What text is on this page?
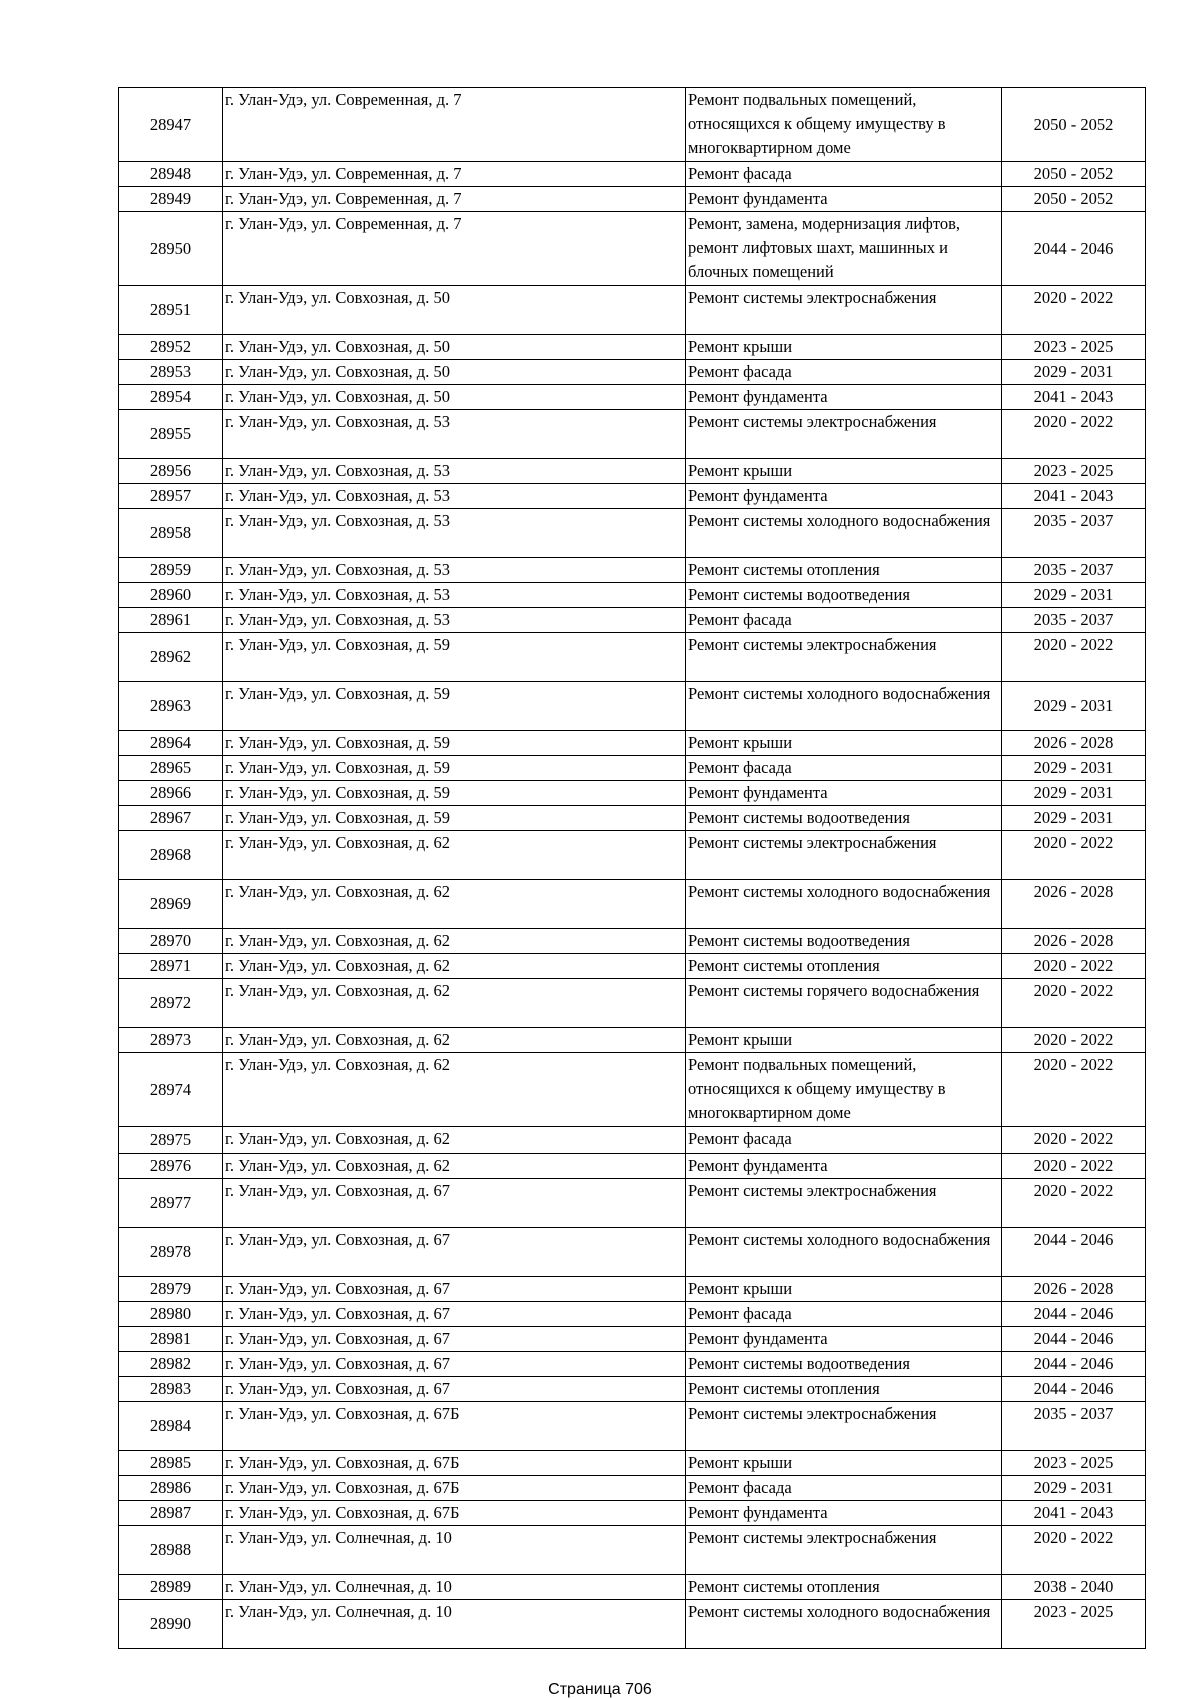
28947	г. Улан-Удэ, ул. Современная, д. 7	Ремонт подвальных помещений, относящихся к общему имуществу в многоквартирном доме	2050 - 2052
28948	г. Улан-Удэ, ул. Современная, д. 7	Ремонт фасада	2050 - 2052
28949	г. Улан-Удэ, ул. Современная, д. 7	Ремонт фундамента	2050 - 2052
28950	г. Улан-Удэ, ул. Современная, д. 7	Ремонт, замена, модернизация лифтов, ремонт лифтовых шахт, машинных и блочных помещений	2044 - 2046
28951	г. Улан-Удэ, ул. Совхозная, д. 50	Ремонт системы электроснабжения	2020 - 2022
28952	г. Улан-Удэ, ул. Совхозная, д. 50	Ремонт крыши	2023 - 2025
28953	г. Улан-Удэ, ул. Совхозная, д. 50	Ремонт фасада	2029 - 2031
28954	г. Улан-Удэ, ул. Совхозная, д. 50	Ремонт фундамента	2041 - 2043
28955	г. Улан-Удэ, ул. Совхозная, д. 53	Ремонт системы электроснабжения	2020 - 2022
28956	г. Улан-Удэ, ул. Совхозная, д. 53	Ремонт крыши	2023 - 2025
28957	г. Улан-Удэ, ул. Совхозная, д. 53	Ремонт фундамента	2041 - 2043
28958	г. Улан-Удэ, ул. Совхозная, д. 53	Ремонт системы холодного водоснабжения	2035 - 2037
28959	г. Улан-Удэ, ул. Совхозная, д. 53	Ремонт системы отопления	2035 - 2037
28960	г. Улан-Удэ, ул. Совхозная, д. 53	Ремонт системы водоотведения	2029 - 2031
28961	г. Улан-Удэ, ул. Совхозная, д. 53	Ремонт фасада	2035 - 2037
28962	г. Улан-Удэ, ул. Совхозная, д. 59	Ремонт системы электроснабжения	2020 - 2022
28963	г. Улан-Удэ, ул. Совхозная, д. 59	Ремонт системы холодного водоснабжения	2029 - 2031
28964	г. Улан-Удэ, ул. Совхозная, д. 59	Ремонт крыши	2026 - 2028
28965	г. Улан-Удэ, ул. Совхозная, д. 59	Ремонт фасада	2029 - 2031
28966	г. Улан-Удэ, ул. Совхозная, д. 59	Ремонт фундамента	2029 - 2031
28967	г. Улан-Удэ, ул. Совхозная, д. 59	Ремонт системы водоотведения	2029 - 2031
28968	г. Улан-Удэ, ул. Совхозная, д. 62	Ремонт системы электроснабжения	2020 - 2022
28969	г. Улан-Удэ, ул. Совхозная, д. 62	Ремонт системы холодного водоснабжения	2026 - 2028
28970	г. Улан-Удэ, ул. Совхозная, д. 62	Ремонт системы водоотведения	2026 - 2028
28971	г. Улан-Удэ, ул. Совхозная, д. 62	Ремонт системы отопления	2020 - 2022
28972	г. Улан-Удэ, ул. Совхозная, д. 62	Ремонт системы горячего водоснабжения	2020 - 2022
28973	г. Улан-Удэ, ул. Совхозная, д. 62	Ремонт крыши	2020 - 2022
28974	г. Улан-Удэ, ул. Совхозная, д. 62	Ремонт подвальных помещений, относящихся к общему имуществу в многоквартирном доме	2020 - 2022
28975	г. Улан-Удэ, ул. Совхозная, д. 62	Ремонт фасада	2020 - 2022
28976	г. Улан-Удэ, ул. Совхозная, д. 62	Ремонт фундамента	2020 - 2022
28977	г. Улан-Удэ, ул. Совхозная, д. 67	Ремонт системы электроснабжения	2020 - 2022
28978	г. Улан-Удэ, ул. Совхозная, д. 67	Ремонт системы холодного водоснабжения	2044 - 2046
28979	г. Улан-Удэ, ул. Совхозная, д. 67	Ремонт крыши	2026 - 2028
28980	г. Улан-Удэ, ул. Совхозная, д. 67	Ремонт фасада	2044 - 2046
28981	г. Улан-Удэ, ул. Совхозная, д. 67	Ремонт фундамента	2044 - 2046
28982	г. Улан-Удэ, ул. Совхозная, д. 67	Ремонт системы водоотведения	2044 - 2046
28983	г. Улан-Удэ, ул. Совхозная, д. 67	Ремонт системы отопления	2044 - 2046
28984	г. Улан-Удэ, ул. Совхозная, д. 67Б	Ремонт системы электроснабжения	2035 - 2037
28985	г. Улан-Удэ, ул. Совхозная, д. 67Б	Ремонт крыши	2023 - 2025
28986	г. Улан-Удэ, ул. Совхозная, д. 67Б	Ремонт фасада	2029 - 2031
28987	г. Улан-Удэ, ул. Совхозная, д. 67Б	Ремонт фундамента	2041 - 2043
28988	г. Улан-Удэ, ул. Солнечная, д. 10	Ремонт системы электроснабжения	2020 - 2022
28989	г. Улан-Удэ, ул. Солнечная, д. 10	Ремонт системы отопления	2038 - 2040
28990	г. Улан-Удэ, ул. Солнечная, д. 10	Ремонт системы холодного водоснабжения	2023 - 2025
Страница 706
